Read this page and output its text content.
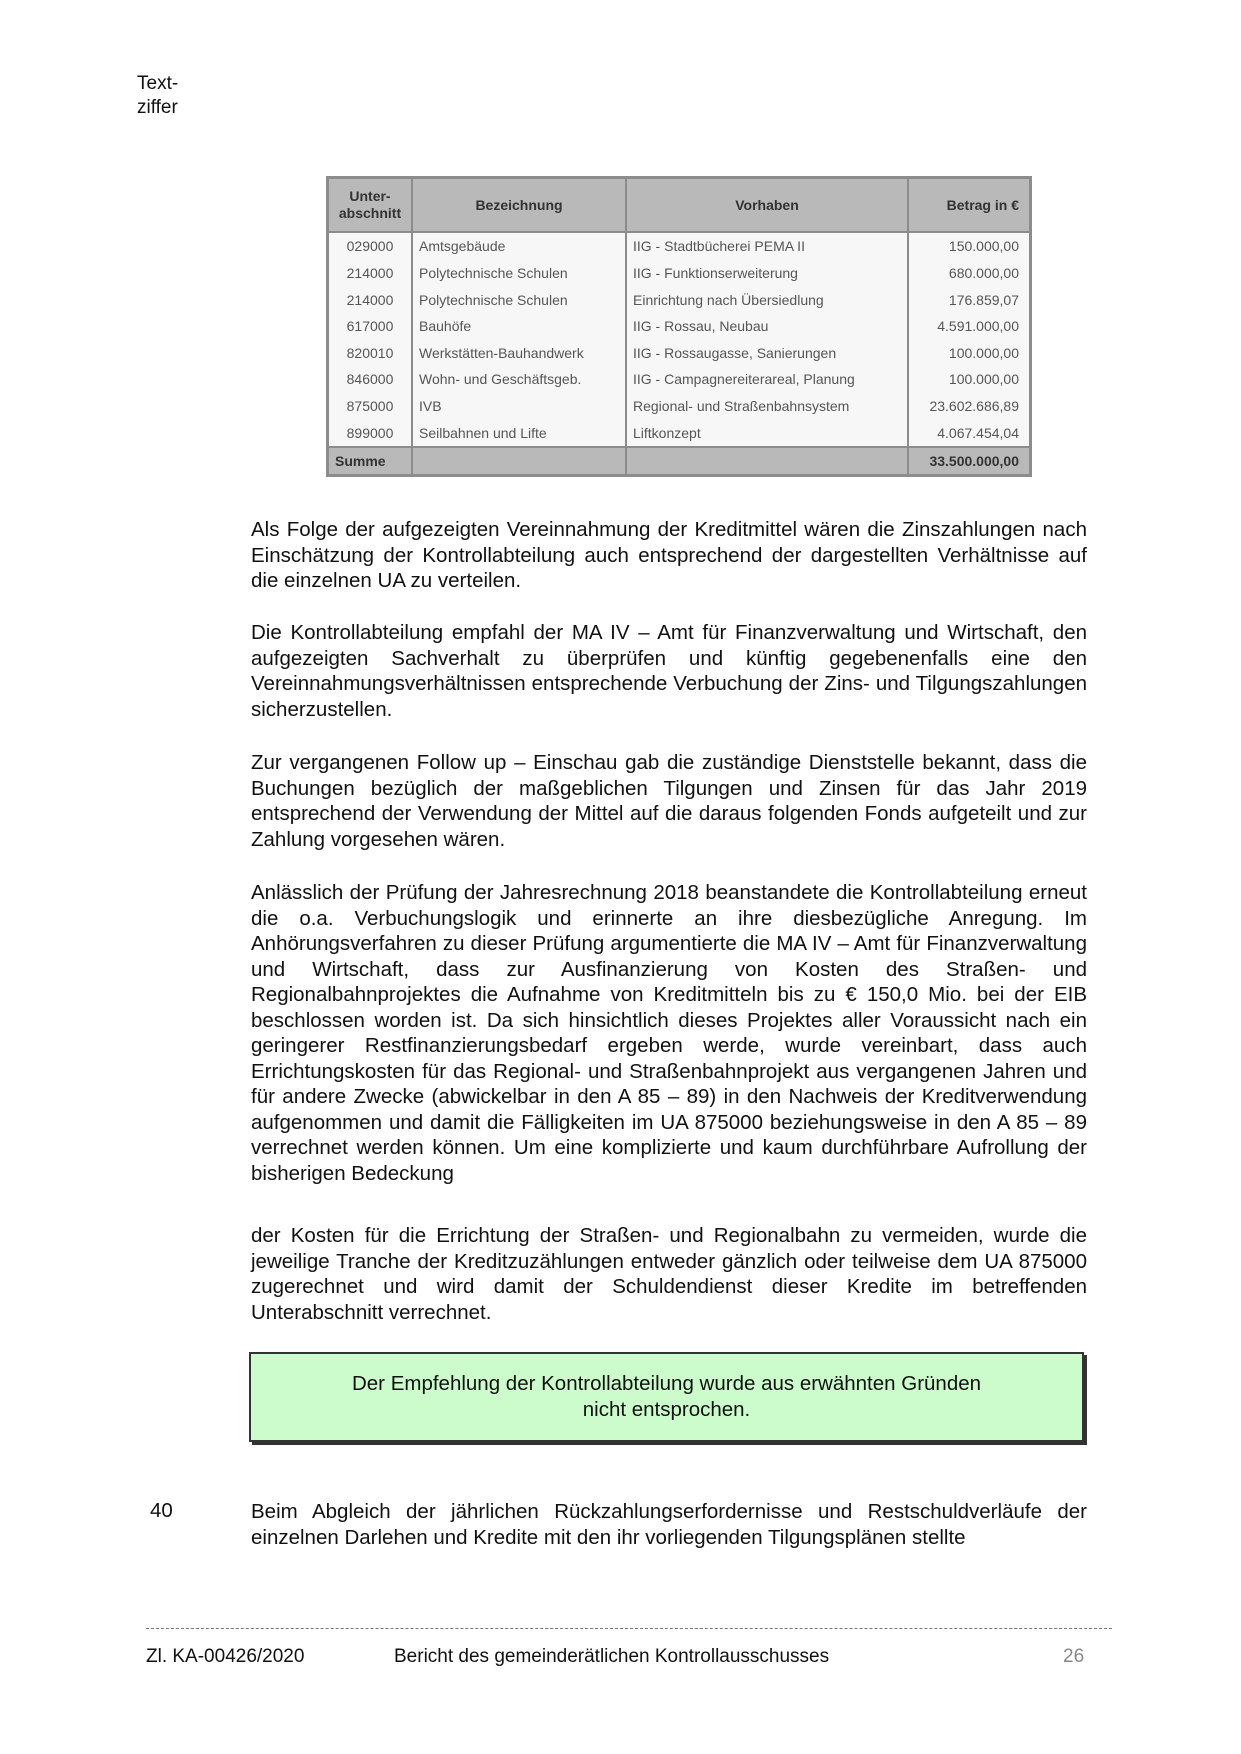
Text-
ziffer
Unter-abschnitt	Bezeichnung	Vorhaben	Betrag in €
029000	Amtsgebäude	IIG - Stadtbücherei PEMA II	150.000,00
214000	Polytechnische Schulen	IIG - Funktionserweiterung	680.000,00
214000	Polytechnische Schulen	Einrichtung nach Übersiedlung	176.859,07
617000	Bauhöfe	IIG - Rossau, Neubau	4.591.000,00
820010	Werkstätten-Bauhandwerk	IIG - Rossaugasse, Sanierungen	100.000,00
846000	Wohn- und Geschäftsgeb.	IIG - Campagnereiterareal, Planung	100.000,00
875000	IVB	Regional- und Straßenbahnsystem	23.602.686,89
899000	Seilbahnen und Lifte	Liftkonzept	4.067.454,04
Summe			33.500.000,00

Als Folge der aufgezeigten Vereinnahmung der Kreditmittel wären die Zinszahlungen nach Einschätzung der Kontrollabteilung auch entsprechend der dargestellten Verhältnisse auf die einzelnen UA zu verteilen.

Die Kontrollabteilung empfahl der MA IV – Amt für Finanzverwaltung und Wirtschaft, den aufgezeigten Sachverhalt zu überprüfen und künftig gegebenenfalls eine den Vereinnahmungsverhältnissen entsprechende Verbuchung der Zins- und Tilgungszahlungen sicherzustellen.

Zur vergangenen Follow up – Einschau gab die zuständige Dienststelle bekannt, dass die Buchungen bezüglich der maßgeblichen Tilgungen und Zinsen für das Jahr 2019 entsprechend der Verwendung der Mittel auf die daraus folgenden Fonds aufgeteilt und zur Zahlung vorgesehen wären.

Anlässlich der Prüfung der Jahresrechnung 2018 beanstandete die Kontrollabteilung erneut die o.a. Verbuchungslogik und erinnerte an ihre diesbezügliche Anregung. Im Anhörungsverfahren zu dieser Prüfung argumentierte die MA IV – Amt für Finanzverwaltung und Wirtschaft, dass zur Ausfinanzierung von Kosten des Straßen- und Regionalbahnprojektes die Aufnahme von Kreditmitteln bis zu € 150,0 Mio. bei der EIB beschlossen worden ist. Da sich hinsichtlich dieses Projektes aller Voraussicht nach ein geringerer Restfinanzierungsbedarf ergeben werde, wurde vereinbart, dass auch Errichtungskosten für das Regional- und Straßenbahnprojekt aus vergangenen Jahren und für andere Zwecke (abwickelbar in den A 85 – 89) in den Nachweis der Kreditverwendung aufgenommen und damit die Fälligkeiten im UA 875000 beziehungsweise in den A 85 – 89 verrechnet werden können. Um eine komplizierte und kaum durchführbare Aufrollung der bisherigen Bedeckung

der Kosten für die Errichtung der Straßen- und Regionalbahn zu vermeiden, wurde die jeweilige Tranche der Kreditzuzählungen entweder gänzlich oder teilweise dem UA 875000 zugerechnet und wird damit der Schuldendienst dieser Kredite im betreffenden Unterabschnitt verrechnet.

Der Empfehlung der Kontrollabteilung wurde aus erwähnten Gründen
nicht entsprochen.
40	Beim Abgleich der jährlichen Rückzahlungserfordernisse und Restschuldverläufe der einzelnen Darlehen und Kredite mit den ihr vorliegenden Tilgungsplänen stellte

Zl. KA-00426/2020	Bericht des gemeinderätlichen Kontrollausschusses	26
